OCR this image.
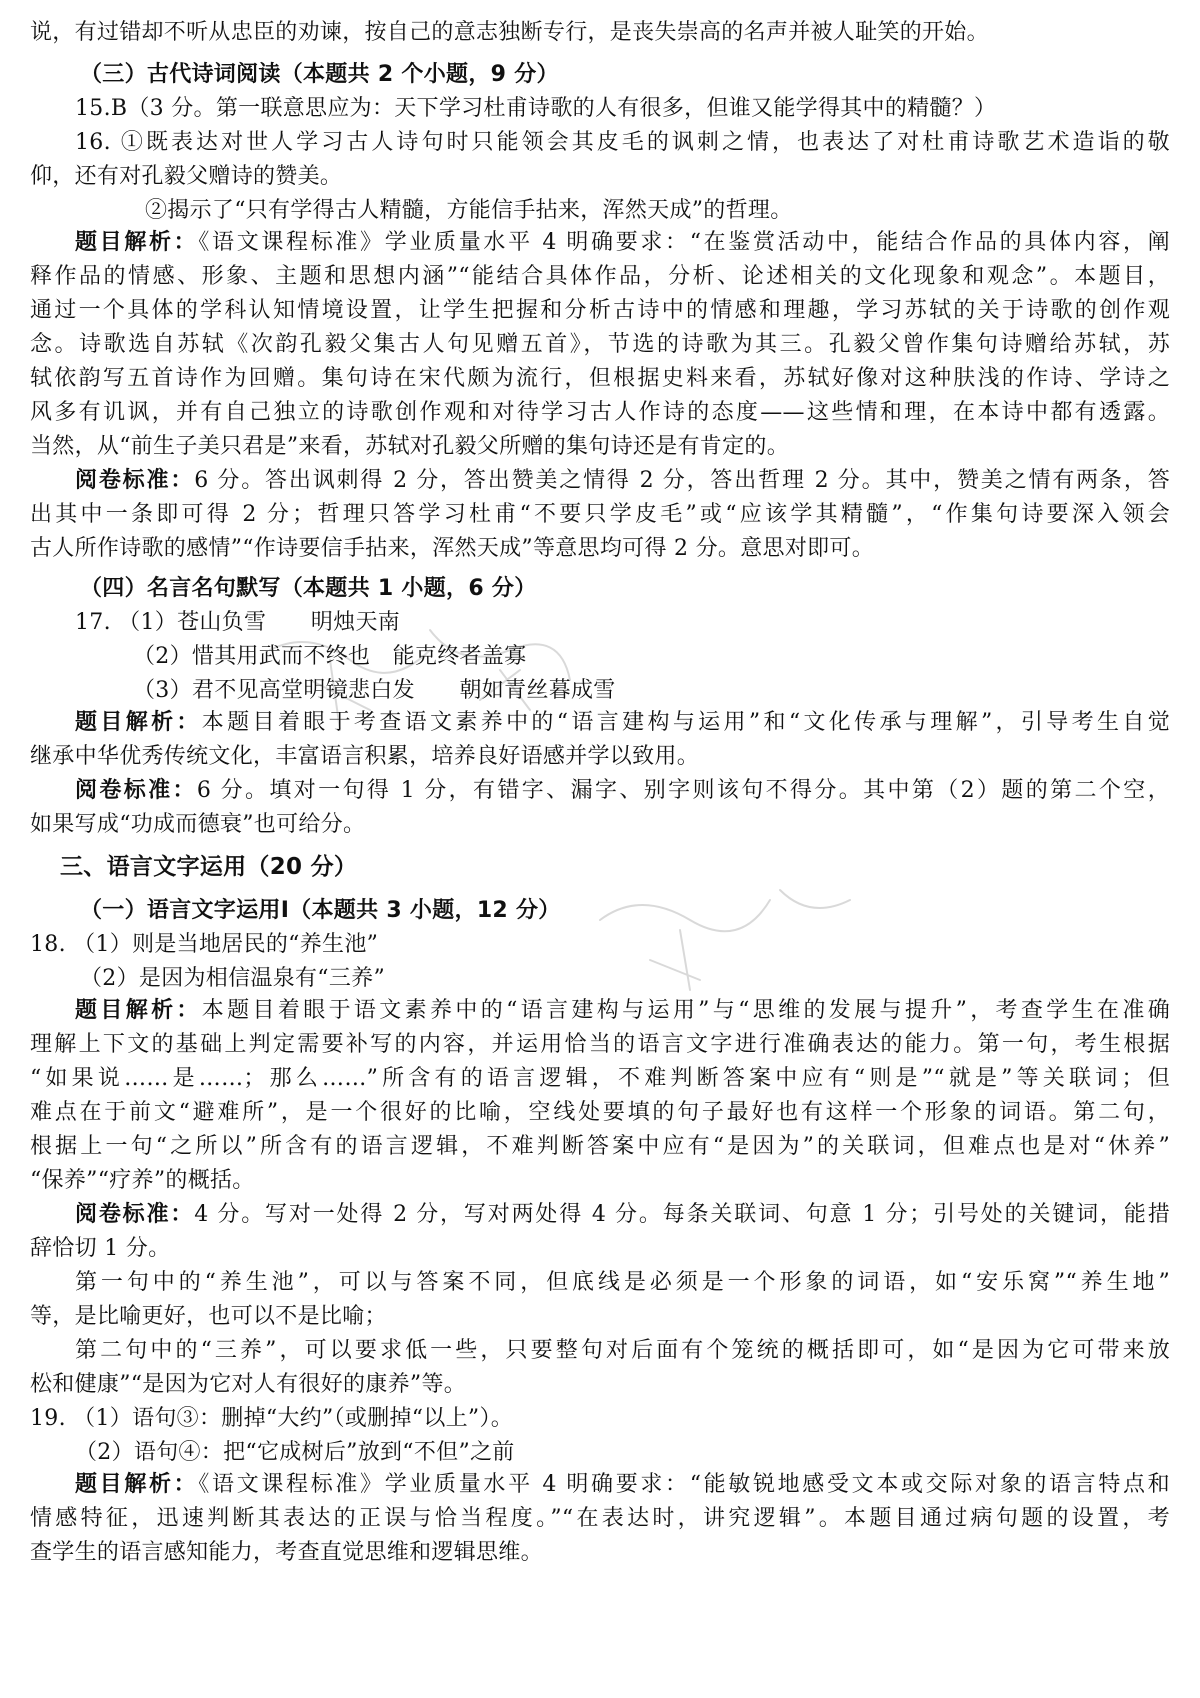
说，有过错却不听从忠臣的劝谏，按自己的意志独断专行，是丧失崇高的名声并被人耻笑的开始。
（三）古代诗词阅读（本题共 2 个小题，9 分）
15.B（3 分。第一联意思应为：天下学习杜甫诗歌的人有很多，但谁又能学得其中的精髓？）
16. ①既表达对世人学习古人诗句时只能领会其皮毛的讽刺之情，也表达了对杜甫诗歌艺术造诣的敬
仰，还有对孔毅父赠诗的赞美。
②揭示了“只有学得古人精髓，方能信手拈来，浑然天成”的哲理。
题目解析：《语文课程标准》学业质量水平 4 明确要求：“在鉴赏活动中，能结合作品的具体内容，阐
释作品的情感、形象、主题和思想内涵”“能结合具体作品，分析、论述相关的文化现象和观念”。本题目，
通过一个具体的学科认知情境设置，让学生把握和分析古诗中的情感和理趣，学习苏轼的关于诗歌的创作观
念。诗歌选自苏轼《次韵孔毅父集古人句见赠五首》，节选的诗歌为其三。孔毅父曾作集句诗赠给苏轼，苏
轼依韵写五首诗作为回赠。集句诗在宋代颇为流行，但根据史料来看，苏轼好像对这种肤浅的作诗、学诗之
风多有讥讽，并有自己独立的诗歌创作观和对待学习古人作诗的态度——这些情和理，在本诗中都有透露。
当然，从“前生子美只君是”来看，苏轼对孔毅父所赠的集句诗还是有肯定的。
阅卷标准：6 分。答出讽刺得 2 分，答出赞美之情得 2 分，答出哲理 2 分。其中，赞美之情有两条，答
出其中一条即可得 2 分；哲理只答学习杜甫“不要只学皮毛”或“应该学其精髓”，“作集句诗要深入领会
古人所作诗歌的感情”“作诗要信手拈来，浑然天成”等意思均可得 2 分。意思对即可。
（四）名言名句默写（本题共 1 小题，6 分）
17. （1）苍山负雪　　明烛天南
（2）惜其用武而不终也　能克终者盖寡
（3）君不见高堂明镜悲白发　　朝如青丝暮成雪
题目解析：本题目着眼于考查语文素养中的“语言建构与运用”和“文化传承与理解”，引导考生自觉
继承中华优秀传统文化，丰富语言积累，培养良好语感并学以致用。
阅卷标准：6 分。填对一句得 1 分，有错字、漏字、别字则该句不得分。其中第（2）题的第二个空，
如果写成“功成而德衰”也可给分。
三、语言文字运用（20 分）
（一）语言文字运用Ⅰ（本题共 3 小题，12 分）
18. （1）则是当地居民的“养生池”
（2）是因为相信温泉有“三养”
题目解析：本题目着眼于语文素养中的“语言建构与运用”与“思维的发展与提升”，考查学生在准确
理解上下文的基础上判定需要补写的内容，并运用恰当的语言文字进行准确表达的能力。第一句，考生根据
“如果说……是……；那么……”所含有的语言逻辑，不难判断答案中应有“则是”“就是”等关联词；但
难点在于前文“避难所”，是一个很好的比喻，空线处要填的句子最好也有这样一个形象的词语。第二句，
根据上一句“之所以”所含有的语言逻辑，不难判断答案中应有“是因为”的关联词，但难点也是对“休养”
“保养”“疗养”的概括。
阅卷标准：4 分。写对一处得 2 分，写对两处得 4 分。每条关联词、句意 1 分；引号处的关键词，能措
辞恰切 1 分。
第一句中的“养生池”，可以与答案不同，但底线是必须是一个形象的词语，如“安乐窝”“养生地”
等，是比喻更好，也可以不是比喻；
第二句中的“三养”，可以要求低一些，只要整句对后面有个笼统的概括即可，如“是因为它可带来放
松和健康”“是因为它对人有很好的康养”等。
19. （1）语句③：删掉“大约”（或删掉“以上”）。
（2）语句④：把“它成树后”放到“不但”之前
题目解析：《语文课程标准》学业质量水平 4 明确要求：“能敏锐地感受文本或交际对象的语言特点和
情感特征，迅速判断其表达的正误与恰当程度。”“在表达时，讲究逻辑”。本题目通过病句题的设置，考
查学生的语言感知能力，考查直觉思维和逻辑思维。
